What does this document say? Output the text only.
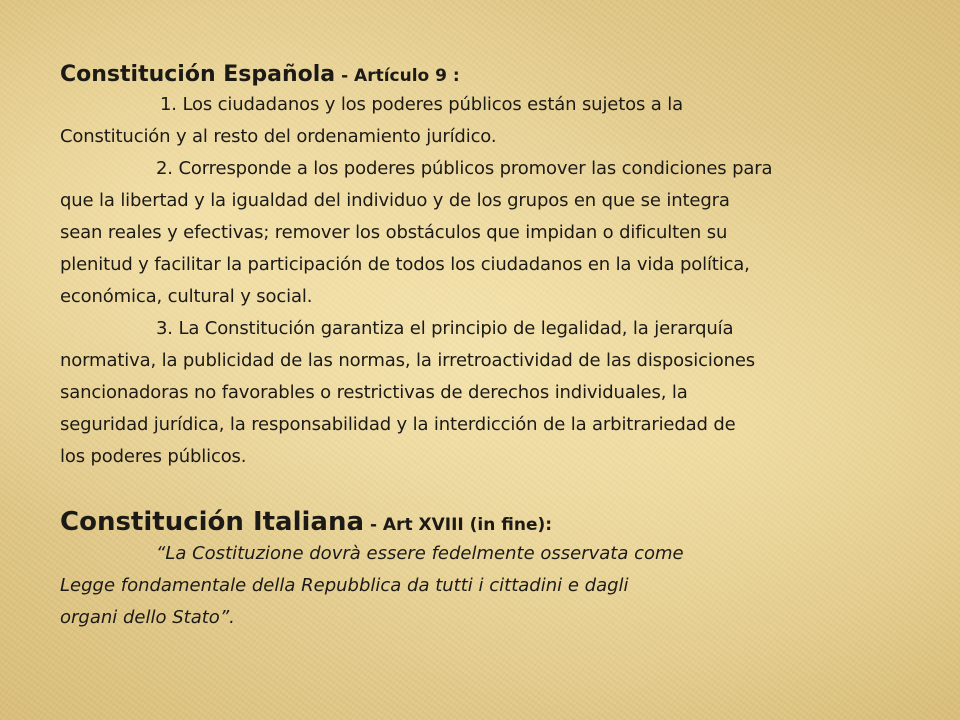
Constitución Española - Artículo 9 :

1. Los ciudadanos y los poderes públicos están sujetos a la

Constitución y al resto del ordenamiento jurídico.

2. Corresponde a los poderes públicos promover las condiciones para

que la libertad y la igualdad del individuo y de los grupos en que se integra

sean reales y efectivas; remover los obstáculos que impidan o dificulten su

plenitud y facilitar la participación de todos los ciudadanos en la vida política,

económica, cultural y social.

3. La Constitución garantiza el principio de legalidad, la jerarquía

normativa, la publicidad de las normas, la irretroactividad de las disposiciones

sancionadoras no favorables o restrictivas de derechos individuales, la

seguridad jurídica, la responsabilidad y la interdicción de la arbitrariedad de

los poderes públicos.

Constitución Italiana - Art XVIII (in fine):

“La Costituzione dovrà essere fedelmente osservata come

Legge fondamentale della Repubblica da tutti i cittadini e dagli

organi dello Stato”.
